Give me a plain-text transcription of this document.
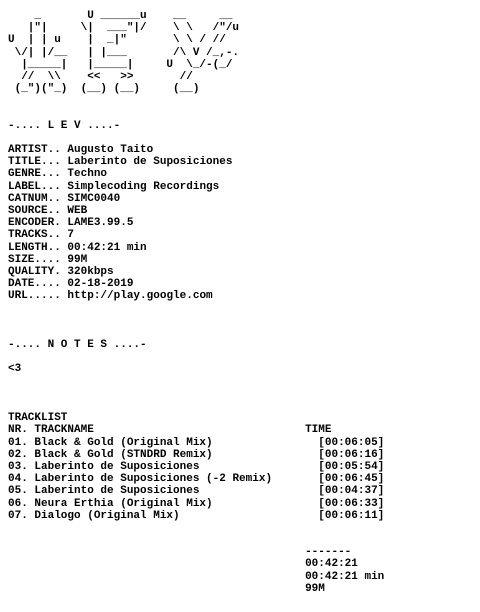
_       U ______u    __     __
|"|     \|  ___"|/    \ \   /"/u
U  | | u    |  _|"       \ \ / //
\/| |/__   | |___       /\ V /_,-.
|_____|   |_____|     U  \_/-(_/
//  \\    <<   >>       //
(_")("_)  (__) (__)     (__)

-.... L E V ....-

ARTIST.. Augusto Taito
TITLE... Laberinto de Suposiciones
GENRE... Techno
LABEL... Simplecoding Recordings
CATNUM.. SIMC0040
SOURCE.. WEB
ENCODER. LAME3.99.5
TRACKS.. 7
LENGTH.. 00:42:21 min
SIZE.... 99M
QUALITY. 320kbps
DATE.... 02-18-2019
URL..... http://play.google.com

-.... N O T E S ....-

<3

TRACKLIST
NR. TRACKNAME	TIME
01. Black & Gold (Original Mix)	[00:06:05]
02. Black & Gold (STNDRD Remix)	[00:06:16]
03. Laberinto de Suposiciones	[00:05:54]
04. Laberinto de Suposiciones (-2 Remix)	[00:06:45]
05. Laberinto de Suposiciones	[00:04:37]
06. Neura Erthia (Original Mix)	[00:06:33]
07. Dialogo (Original Mix)	[00:06:11]

-------
00:42:21
00:42:21 min
99M
